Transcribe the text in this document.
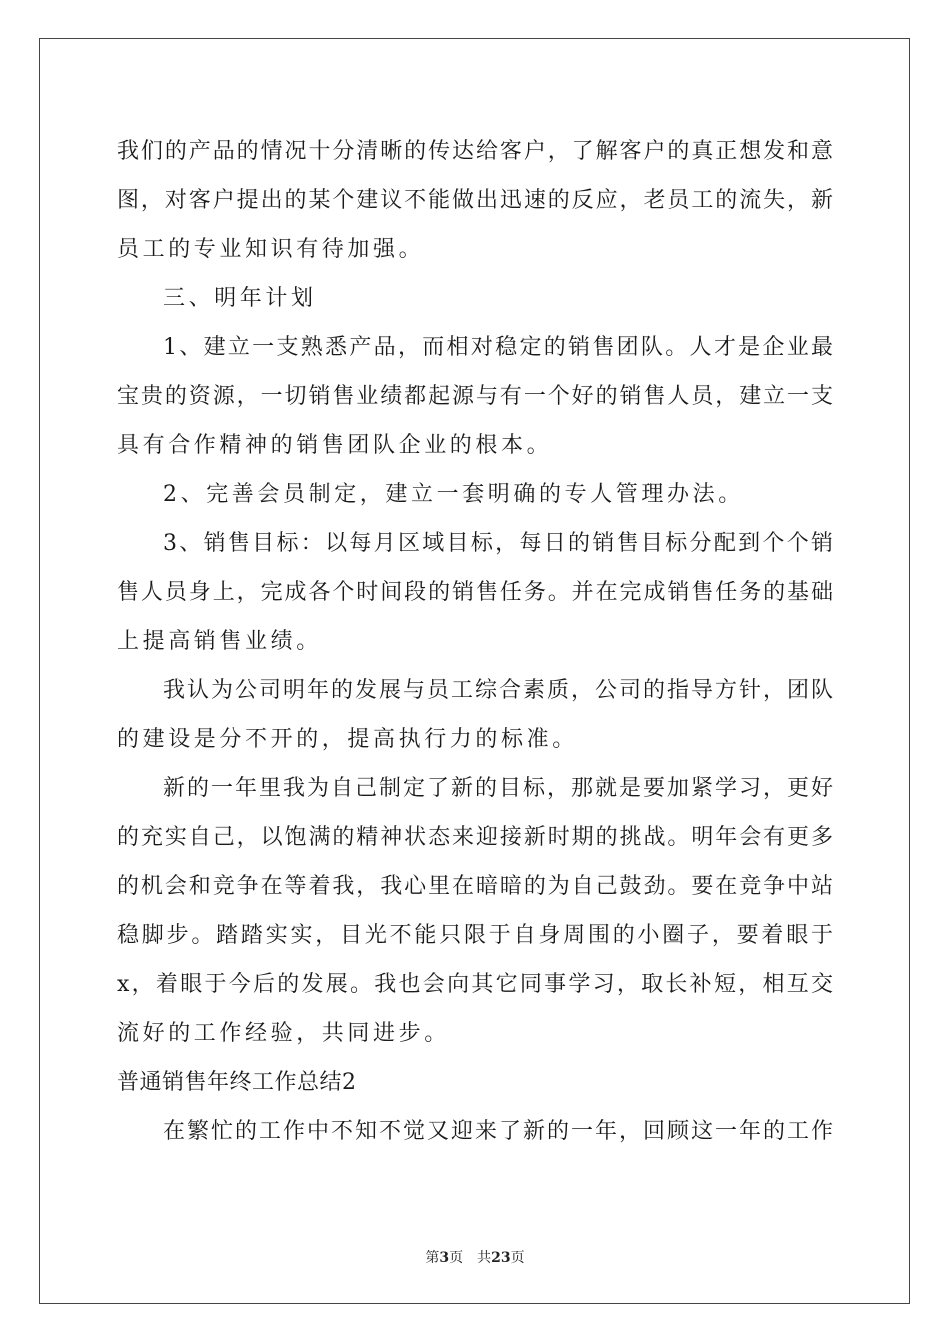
我们的产品的情况十分清晰的传达给客户，了解客户的真正想发和意
图，对客户提出的某个建议不能做出迅速的反应，老员工的流失，新
员工的专业知识有待加强。
三、明年计划
1、建立一支熟悉产品，而相对稳定的销售团队。人才是企业最
宝贵的资源，一切销售业绩都起源与有一个好的销售人员，建立一支
具有合作精神的销售团队企业的根本。
2、完善会员制定，建立一套明确的专人管理办法。
3、销售目标：以每月区域目标，每日的销售目标分配到个个销
售人员身上，完成各个时间段的销售任务。并在完成销售任务的基础
上提高销售业绩。
我认为公司明年的发展与员工综合素质，公司的指导方针，团队
的建设是分不开的，提高执行力的标准。
新的一年里我为自己制定了新的目标，那就是要加紧学习，更好
的充实自己，以饱满的精神状态来迎接新时期的挑战。明年会有更多
的机会和竞争在等着我，我心里在暗暗的为自己鼓劲。要在竞争中站
稳脚步。踏踏实实，目光不能只限于自身周围的小圈子，要着眼于
x，着眼于今后的发展。我也会向其它同事学习，取长补短，相互交
流好的工作经验，共同进步。
普通销售年终工作总结2
在繁忙的工作中不知不觉又迎来了新的一年，回顾这一年的工作
第3页 共23页
